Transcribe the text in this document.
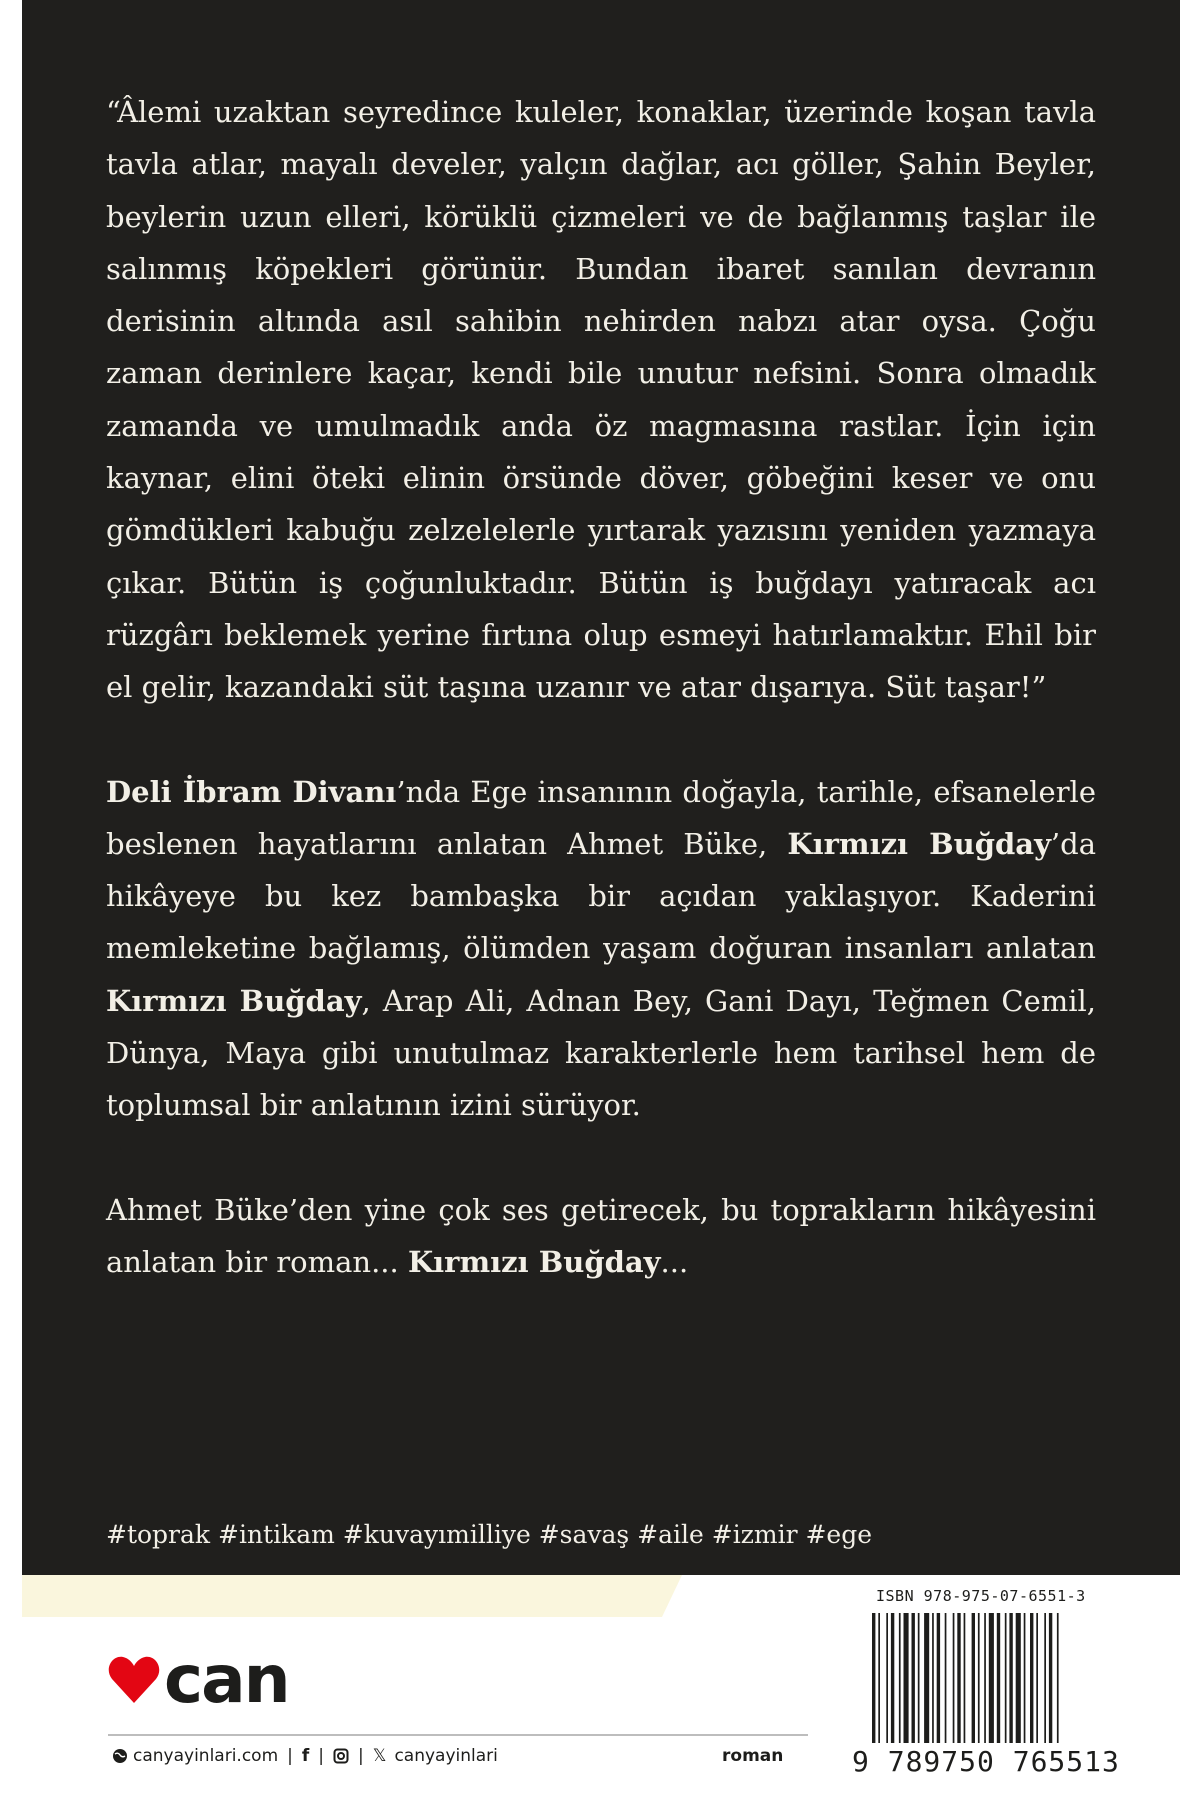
“Âlemi uzaktan seyredince kuleler, konaklar, üzerinde koşan tavla tavla atlar, mayalı develer, yalçın dağlar, acı göller, Şahin Beyler, beylerin uzun elleri, körüklü çizmeleri ve de bağlanmış taşlar ile salınmış köpekleri görünür. Bundan ibaret sanılan devranın derisinin altında asıl sahibin nehirden nabzı atar oysa. Çoğu zaman derinlere kaçar, kendi bile unutur nefsini. Sonra olmadık zamanda ve umulmadık anda öz magmasına rastlar. İçin için kaynar, elini öteki elinin örsünde döver, göbeğini keser ve onu gömdükleri kabuğu zelzelelerle yırtarak yazısını yeniden yazmaya çıkar. Bütün iş çoğunluktadır. Bütün iş buğdayı yatıracak acı rüzgârı beklemek yerine fırtına olup esmeyi hatırlamaktır. Ehil bir el gelir, kazandaki süt taşına uzanır ve atar dışarıya. Süt taşar!”

Deli İbram Divanı’nda Ege insanının doğayla, tarihle, efsanelerle beslenen hayatlarını anlatan Ahmet Büke, Kırmızı Buğday’da hikâyeye bu kez bambaşka bir açıdan yaklaşıyor. Kaderini memleketine bağlamış, ölümden yaşam doğuran insanları anlatan Kırmızı Buğday, Arap Ali, Adnan Bey, Gani Dayı, Teğmen Cemil, Dünya, Maya gibi unutulmaz karakterlerle hem tarihsel hem de toplumsal bir anlatının izini sürüyor.

Ahmet Büke’den yine çok ses getirecek, bu toprakların hikâyesini anlatan bir roman... Kırmızı Buğday...

#toprak #intikam #kuvayımilliye #savaş #aile #izmir #ege
can
canyayinlari.com | f | | 𝕏 canyayinlari	roman
ISBN 978-975-07-6551-3
9 789750 765513
